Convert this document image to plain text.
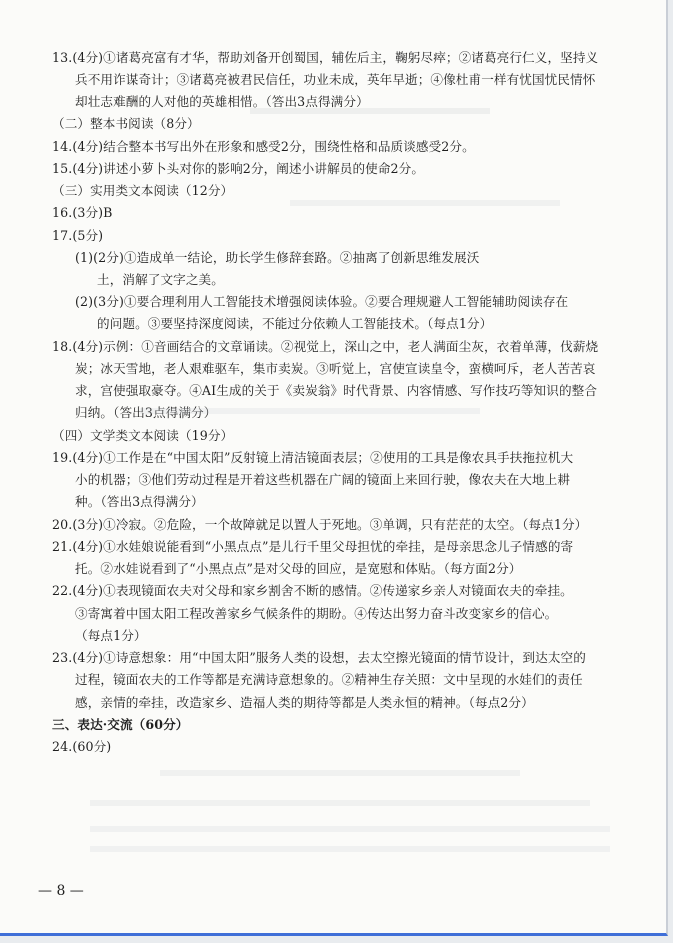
13.(4分)①诸葛亮富有才华，帮助刘备开创蜀国，辅佐后主，鞠躬尽瘁；②诸葛亮行仁义，坚持义
兵不用诈谋奇计；③诸葛亮被君民信任，功业未成，英年早逝；④像杜甫一样有忧国忧民情怀
却壮志难酬的人对他的英雄相惜。（答出3点得满分）
（二）整本书阅读（8分）
14.(4分)结合整本书写出外在形象和感受2分，围绕性格和品质谈感受2分。
15.(4分)讲述小萝卜头对你的影响2分，阐述小讲解员的使命2分。
（三）实用类文本阅读（12分）
16.(3分)B
17.(5分)
(1)(2分)①造成单一结论，助长学生修辞套路。②抽离了创新思维发展沃
土，消解了文字之美。
(2)(3分)①要合理利用人工智能技术增强阅读体验。②要合理规避人工智能辅助阅读存在
的问题。③要坚持深度阅读，不能过分依赖人工智能技术。（每点1分）
18.(4分)示例：①音画结合的文章诵读。②视觉上，深山之中，老人满面尘灰，衣着单薄，伐薪烧
炭；冰天雪地，老人艰难驱车，集市卖炭。③听觉上，宫使宣读皇令，蛮横呵斥，老人苦苦哀
求，宫使强取豪夺。④AI生成的关于《卖炭翁》时代背景、内容情感、写作技巧等知识的整合
归纳。（答出3点得满分）
（四）文学类文本阅读（19分）
19.(4分)①工作是在“中国太阳”反射镜上清洁镜面表层；②使用的工具是像农具手扶拖拉机大
小的机器；③他们劳动过程是开着这些机器在广阔的镜面上来回行驶，像农夫在大地上耕
种。（答出3点得满分）
20.(3分)①冷寂。②危险，一个故障就足以置人于死地。③单调，只有茫茫的太空。（每点1分）
21.(4分)①水娃娘说能看到“小黑点点”是儿行千里父母担忧的牵挂，是母亲思念儿子情感的寄
托。②水娃说看到了“小黑点点”是对父母的回应，是宽慰和体贴。（每方面2分）
22.(4分)①表现镜面农夫对父母和家乡割舍不断的感情。②传递家乡亲人对镜面农夫的牵挂。
③寄寓着中国太阳工程改善家乡气候条件的期盼。④传达出努力奋斗改变家乡的信心。
（每点1分）
23.(4分)①诗意想象：用“中国太阳”服务人类的设想，去太空擦光镜面的情节设计，到达太空的
过程，镜面农夫的工作等都是充满诗意想象的。②精神生存关照：文中呈现的水娃们的责任
感，亲情的牵挂，改造家乡、造福人类的期待等都是人类永恒的精神。（每点2分）
三、表达·交流（60分）
24.(60分)
— 8 —
